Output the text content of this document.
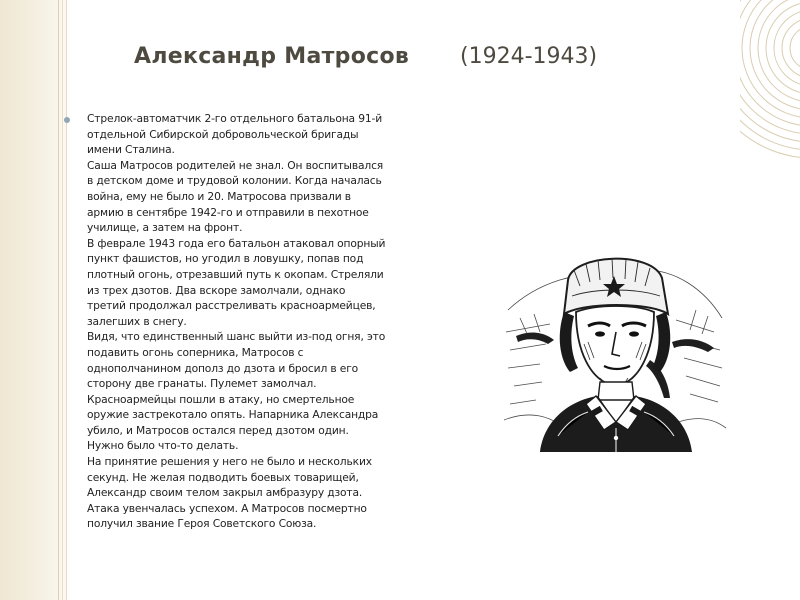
Александр Матросов (1924-1943)

Стрелок-автоматчик 2-го отдельного батальона 91-й отдельной Сибирской добровольческой бригады имени Сталина.

Саша Матросов родителей не знал. Он воспитывался в детском доме и трудовой колонии. Когда началась война, ему не было и 20. Матросова призвали в армию в сентябре 1942-го и отправили в пехотное училище, а затем на фронт.

В феврале 1943 года его батальон атаковал опорный пункт фашистов, но угодил в ловушку, попав под плотный огонь, отрезавший путь к окопам. Стреляли из трех дзотов. Два вскоре замолчали, однако третий продолжал расстреливать красноармейцев, залегших в снегу.

Видя, что единственный шанс выйти из-под огня, это подавить огонь соперника, Матросов с однополчанином дополз до дзота и бросил в его сторону две гранаты. Пулемет замолчал. Красноармейцы пошли в атаку, но смертельное оружие застрекотало опять. Напарника Александра убило, и Матросов остался перед дзотом один. Нужно было что-то делать.

На принятие решения у него не было и нескольких секунд. Не желая подводить боевых товарищей, Александр своим телом закрыл амбразуру дзота. Атака увенчалась успехом. А Матросов посмертно получил звание Героя Советского Союза.
